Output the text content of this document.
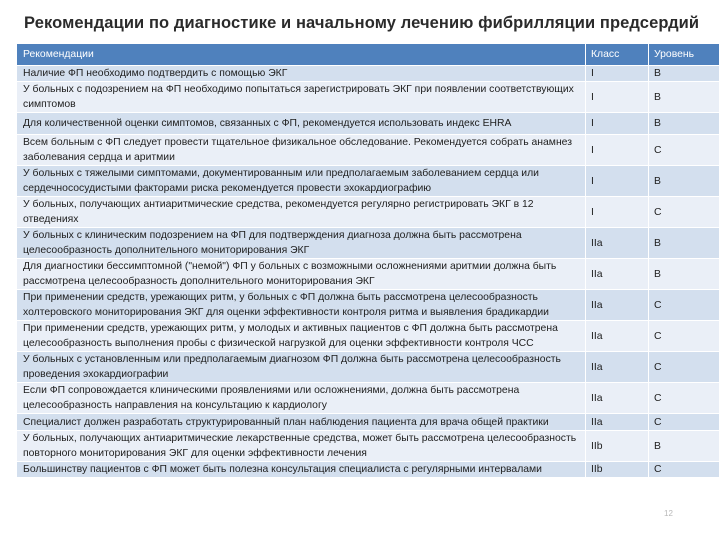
Рекомендации по диагностике и начальному лечению фибрилляции предсердий
Рекомендации	Класс	Уровень
Наличие ФП необходимо подтвердить с помощью ЭКГ	I	B
У больных с подозрением на ФП необходимо попытаться зарегистрировать ЭКГ при появлении соответствующих симптомов	I	B
Для количественной оценки симптомов, связанных с ФП, рекомендуется использовать индекс EHRA	I	B
Всем больным с ФП следует провести тщательное физикальное обследование. Рекомендуется собрать анамнез заболевания сердца и аритмии	I	C
У больных с тяжелыми симптомами, документированным или предполагаемым заболеванием сердца или сердечнососудистыми факторами риска рекомендуется провести эхокардиографию	I	B
У больных, получающих антиаритмические средства, рекомендуется регулярно регистрировать ЭКГ в 12 отведениях	I	C
У больных с клиническим подозрением на ФП для подтверждения диагноза должна быть рассмотрена целесообразность дополнительного мониторирования ЭКГ	IIa	B
Для диагностики бессимптомной ("немой") ФП у больных с возможными осложнениями аритмии должна быть рассмотрена целесообразность дополнительного мониторирования ЭКГ	IIa	B
При применении средств, урежающих ритм, у больных с ФП должна быть рассмотрена целесообразность холтеровского мониторирования ЭКГ для оценки эффективности контроля ритма и выявления брадикардии	IIa	C
При применении средств, урежающих ритм, у молодых и активных пациентов с ФП должна быть рассмотрена целесообразность выполнения пробы с физической нагрузкой для оценки эффективности контроля ЧСС	IIa	C
У больных с установленным или предполагаемым диагнозом ФП должна быть рассмотрена целесообразность проведения эхокардиографии	IIa	C
Если ФП сопровождается клиническими проявлениями или осложнениями, должна быть рассмотрена целесообразность направления на консультацию к кардиологу	IIa	C
Специалист должен разработать структурированный план наблюдения пациента для врача общей практики	IIa	C
У больных, получающих антиаритмические лекарственные средства, может быть рассмотрена целесообразность повторного мониторирования ЭКГ для оценки эффективности лечения	IIb	B
Большинству пациентов с ФП может быть полезна консультация специалиста с регулярными интервалами	IIb	C
12
